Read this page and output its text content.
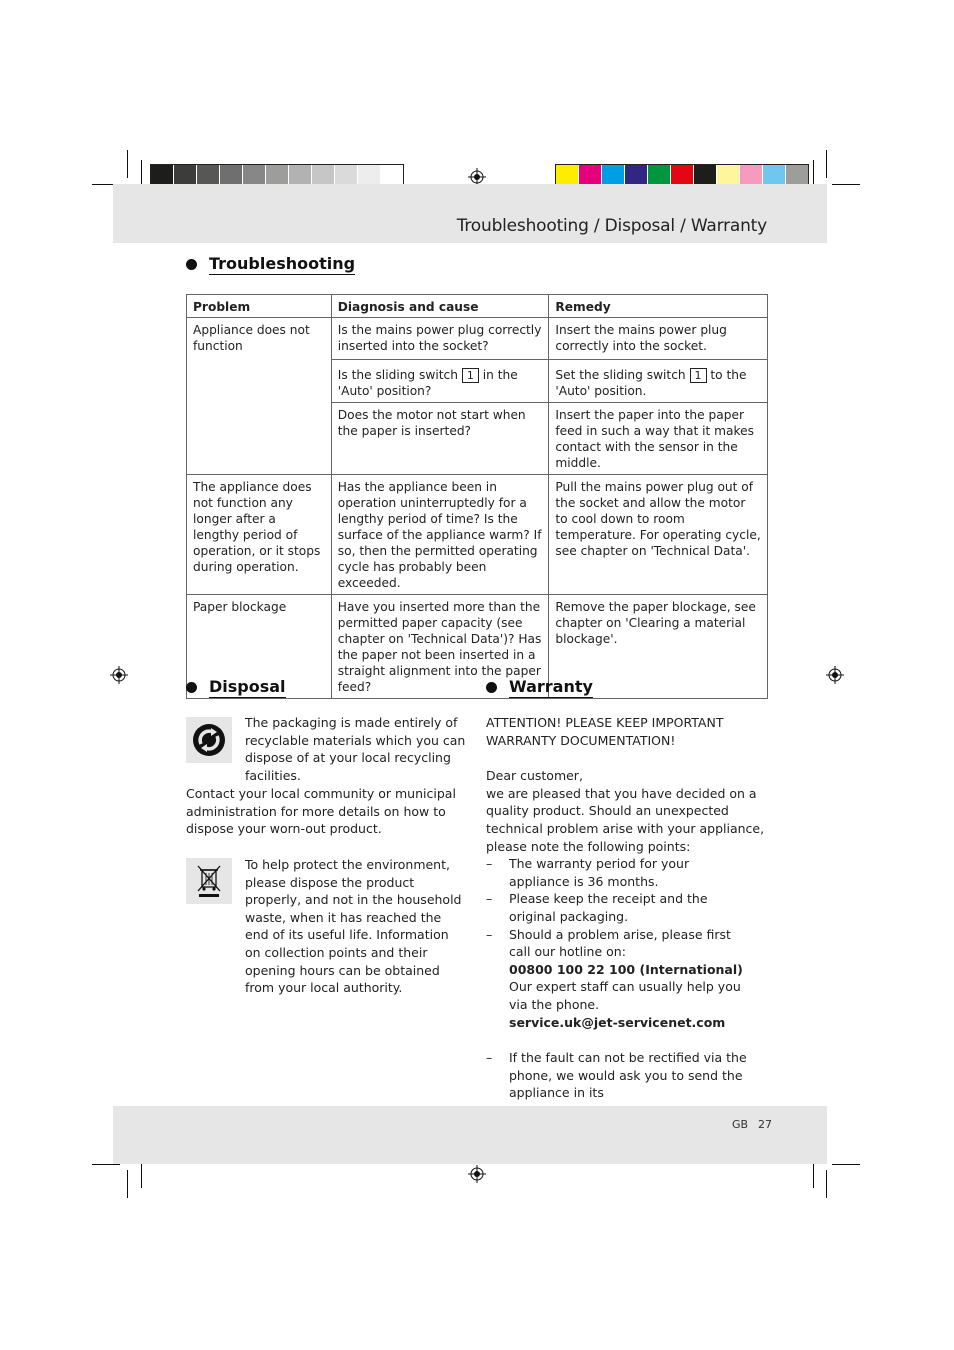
Troubleshooting / Disposal / Warranty
Troubleshooting
Problem	Diagnosis and cause	Remedy
Appliance does not function	Is the mains power plug correctly inserted into the socket?	Insert the mains power plug correctly into the socket.
	Is the sliding switch 1 in the 'Auto' position?	Set the sliding switch 1 to the 'Auto' position.
	Does the motor not start when the paper is inserted?	Insert the paper into the paper feed in such a way that it makes contact with the sensor in the middle.
The appliance does not function any longer after a lengthy period of operation, or it stops during operation.	Has the appliance been in operation uninterruptedly for a lengthy period of time? Is the surface of the appliance warm? If so, then the permitted operating cycle has probably been exceeded.	Pull the mains power plug out of the socket and allow the motor to cool down to room temperature. For operating cycle, see chapter on 'Technical Data'.
Paper blockage	Have you inserted more than the permitted paper capacity (see chapter on 'Technical Data')? Has the paper not been inserted in a straight alignment into the paper feed?	Remove the paper blockage, see chapter on 'Clearing a material blockage'.
Disposal
The packaging is made entirely of recyclable materials which you can dispose of at your local recycling facilities.
Contact your local community or municipal administration for more details on how to dispose your worn-out product.
To help protect the environment, please dispose the product properly, and not in the household waste, when it has reached the end of its useful life. Information on collection points and their opening hours can be obtained from your local authority.
Warranty
ATTENTION! PLEASE KEEP IMPORTANT WARRANTY DOCUMENTATION!
Dear customer,
we are pleased that you have decided on a quality product. Should an unexpected technical problem arise with your appliance, please note the following points:
–	The warranty period for your appliance is 36 months.
–	Please keep the receipt and the original packaging.
–	Should a problem arise, please first call our hotline on:
00800 100 22 100 (International)
Our expert staff can usually help you via the phone.
service.uk@jet-servicenet.com
–	If the fault can not be rectified via the phone, we would ask you to send the appliance in its
GB 27
